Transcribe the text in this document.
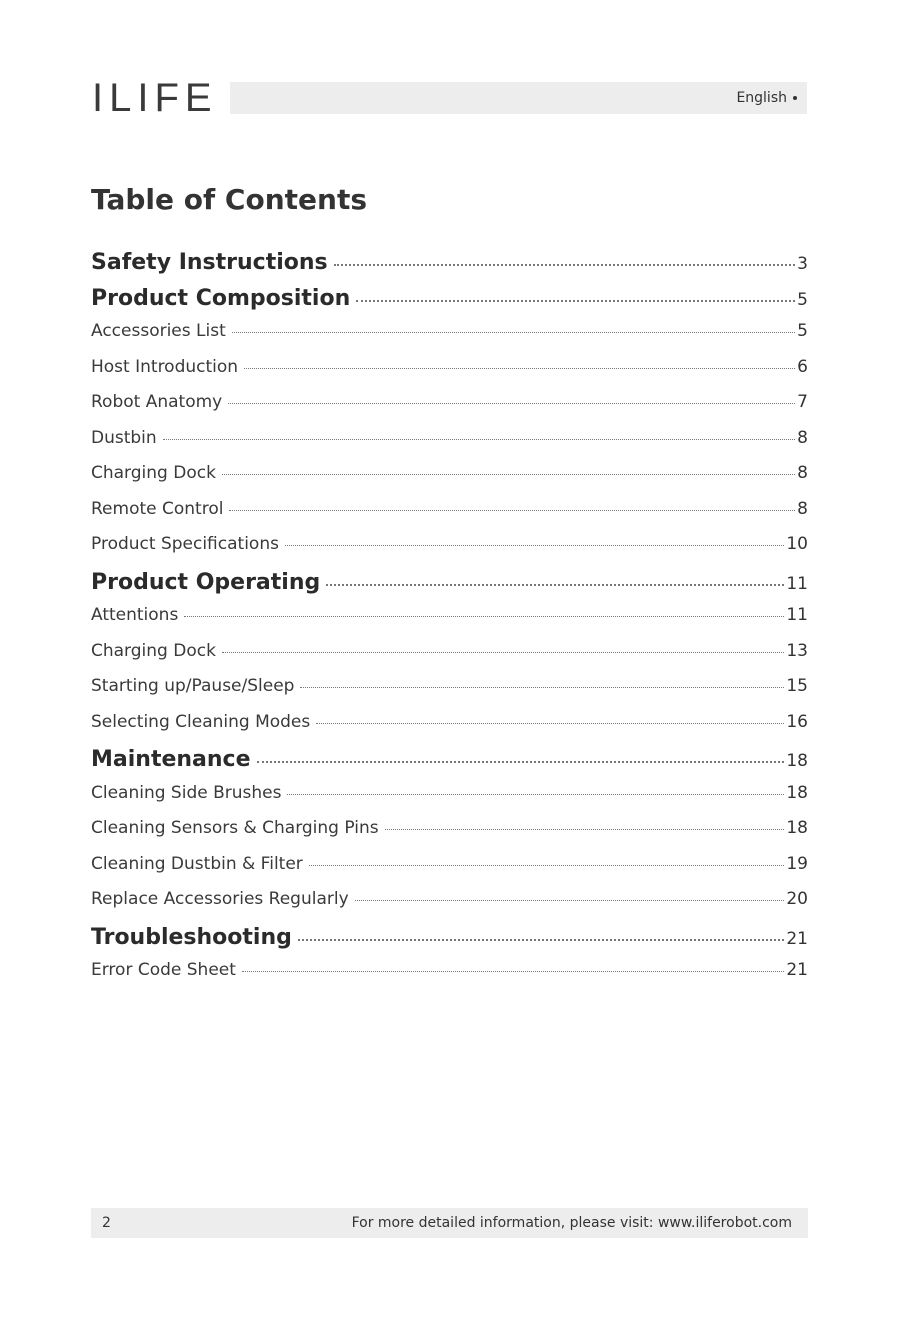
ILIFE	English
Table of Contents
Safety Instructions	3
Product Composition	5
Accessories List	5
Host Introduction	6
Robot Anatomy	7
Dustbin	8
Charging Dock	8
Remote Control	8
Product Specifications	10
Product Operating	11
Attentions	11
Charging Dock	13
Starting up/Pause/Sleep	15
Selecting Cleaning Modes	16
Maintenance	18
Cleaning Side Brushes	18
Cleaning Sensors & Charging Pins	18
Cleaning Dustbin & Filter	19
Replace Accessories Regularly	20
Troubleshooting	21
Error Code Sheet	21
2	For more detailed information, please visit: www.iliferobot.com
